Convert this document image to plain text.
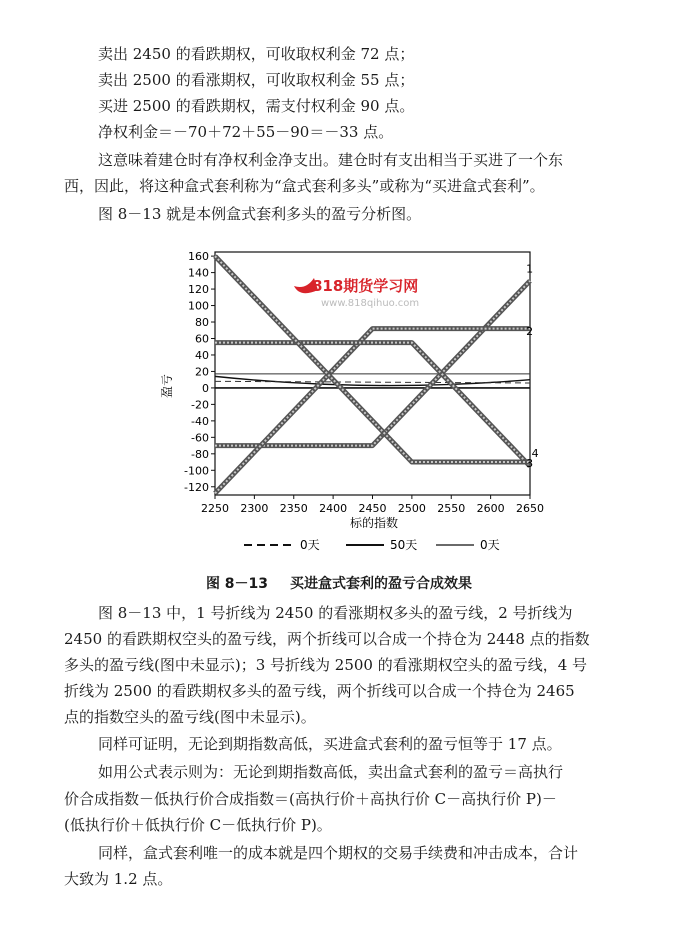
卖出 2450 的看跌期权，可收取权利金 72 点；
卖出 2500 的看涨期权，可收取权利金 55 点；
买进 2500 的看跌期权，需支付权利金 90 点。
净权利金＝－70＋72＋55－90＝－33 点。
这意味着建仓时有净权利金净支出。建仓时有支出相当于买进了一个东
西，因此，将这种盒式套利称为“盒式套利多头”或称为“买进盒式套利”。
图 8－13 就是本例盒式套利多头的盈亏分析图。
160
140
120
100
80
60
40
20
0
-20
-40
-60
-80
-100
-120
2250 2300 2350 2400 2450 2500 2550 2600 2650
1
2
3
4
盈亏
标的指数
818期货学习网
www.818qihuo.com
0天	50天	0天
图 8－13 买进盒式套利的盈亏合成效果
图 8－13 中，1 号折线为 2450 的看涨期权多头的盈亏线，2 号折线为
2450 的看跌期权空头的盈亏线，两个折线可以合成一个持仓为 2448 点的指数
多头的盈亏线(图中未显示)；3 号折线为 2500 的看涨期权空头的盈亏线，4 号
折线为 2500 的看跌期权多头的盈亏线，两个折线可以合成一个持仓为 2465
点的指数空头的盈亏线(图中未显示)。
同样可证明，无论到期指数高低，买进盒式套利的盈亏恒等于 17 点。
如用公式表示则为：无论到期指数高低，卖出盒式套利的盈亏＝高执行
价合成指数－低执行价合成指数＝(高执行价＋高执行价 C－高执行价 P)－
(低执行价＋低执行价 C－低执行价 P)。
同样，盒式套利唯一的成本就是四个期权的交易手续费和冲击成本，合计
大致为 1.2 点。
